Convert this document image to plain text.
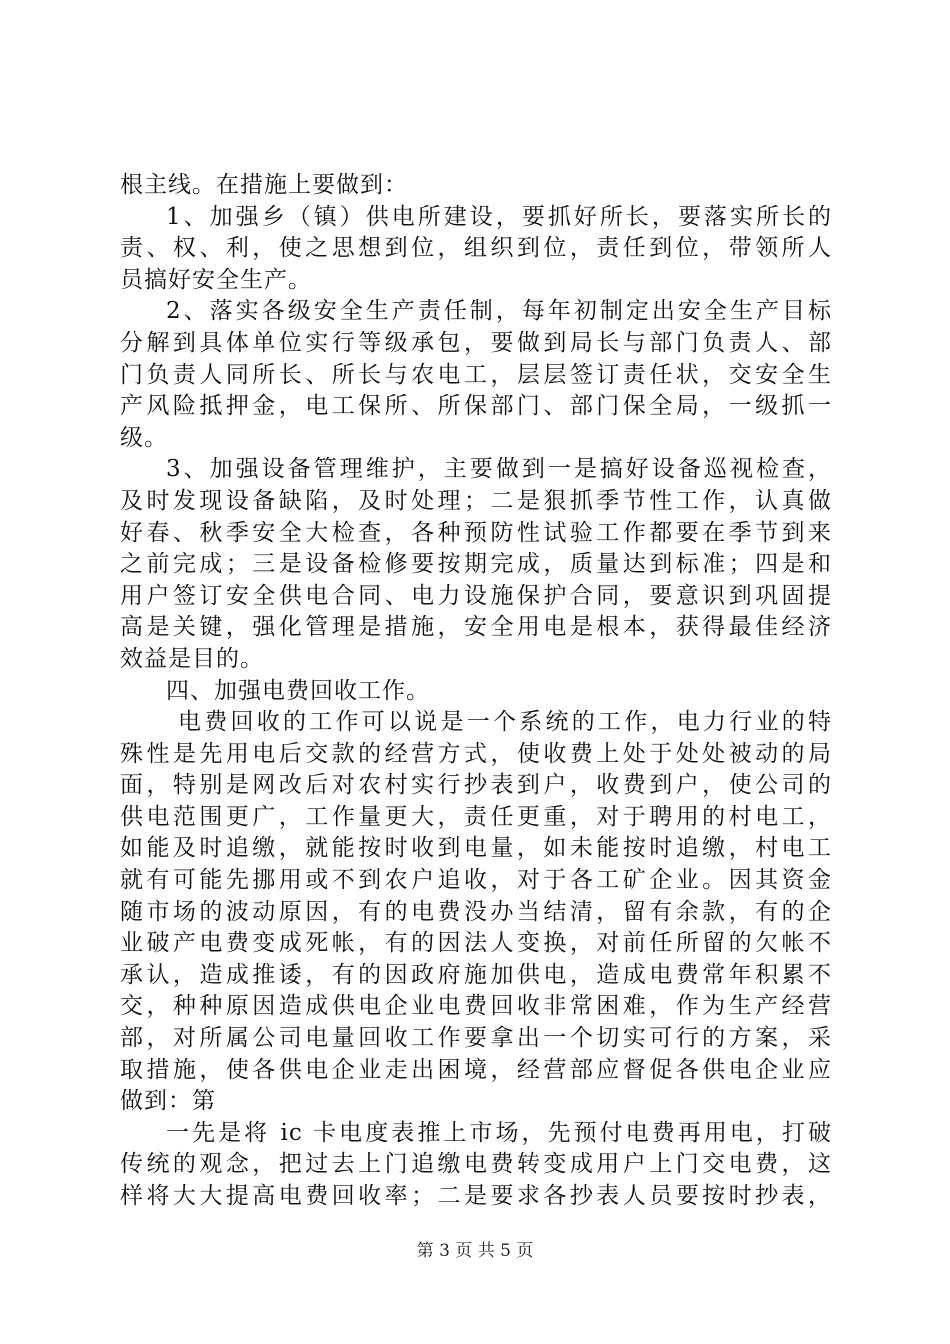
根主线。在措施上要做到：
1、加强乡（镇）供电所建设，要抓好所长，要落实所长的
责、权、利，使之思想到位，组织到位，责任到位，带领所人
员搞好安全生产。
2、落实各级安全生产责任制，每年初制定出安全生产目标
分解到具体单位实行等级承包，要做到局长与部门负责人、部
门负责人同所长、所长与农电工，层层签订责任状，交安全生
产风险抵押金，电工保所、所保部门、部门保全局，一级抓一
级。
3、加强设备管理维护，主要做到一是搞好设备巡视检查，
及时发现设备缺陷，及时处理；二是狠抓季节性工作，认真做
好春、秋季安全大检查，各种预防性试验工作都要在季节到来
之前完成；三是设备检修要按期完成，质量达到标准；四是和
用户签订安全供电合同、电力设施保护合同，要意识到巩固提
高是关键，强化管理是措施，安全用电是根本，获得最佳经济
效益是目的。
四、加强电费回收工作。
电费回收的工作可以说是一个系统的工作，电力行业的特
殊性是先用电后交款的经营方式，使收费上处于处处被动的局
面，特别是网改后对农村实行抄表到户，收费到户，使公司的
供电范围更广，工作量更大，责任更重，对于聘用的村电工，
如能及时追缴，就能按时收到电量，如未能按时追缴，村电工
就有可能先挪用或不到农户追收，对于各工矿企业。因其资金
随市场的波动原因，有的电费没办当结清，留有余款，有的企
业破产电费变成死帐，有的因法人变换，对前任所留的欠帐不
承认，造成推诿，有的因政府施加供电，造成电费常年积累不
交，种种原因造成供电企业电费回收非常困难，作为生产经营
部，对所属公司电量回收工作要拿出一个切实可行的方案，采
取措施，使各供电企业走出困境，经营部应督促各供电企业应
做到：第
一先是将 ic 卡电度表推上市场，先预付电费再用电，打破
传统的观念，把过去上门追缴电费转变成用户上门交电费，这
样将大大提高电费回收率；二是要求各抄表人员要按时抄表，
第 3 页 共 5 页
